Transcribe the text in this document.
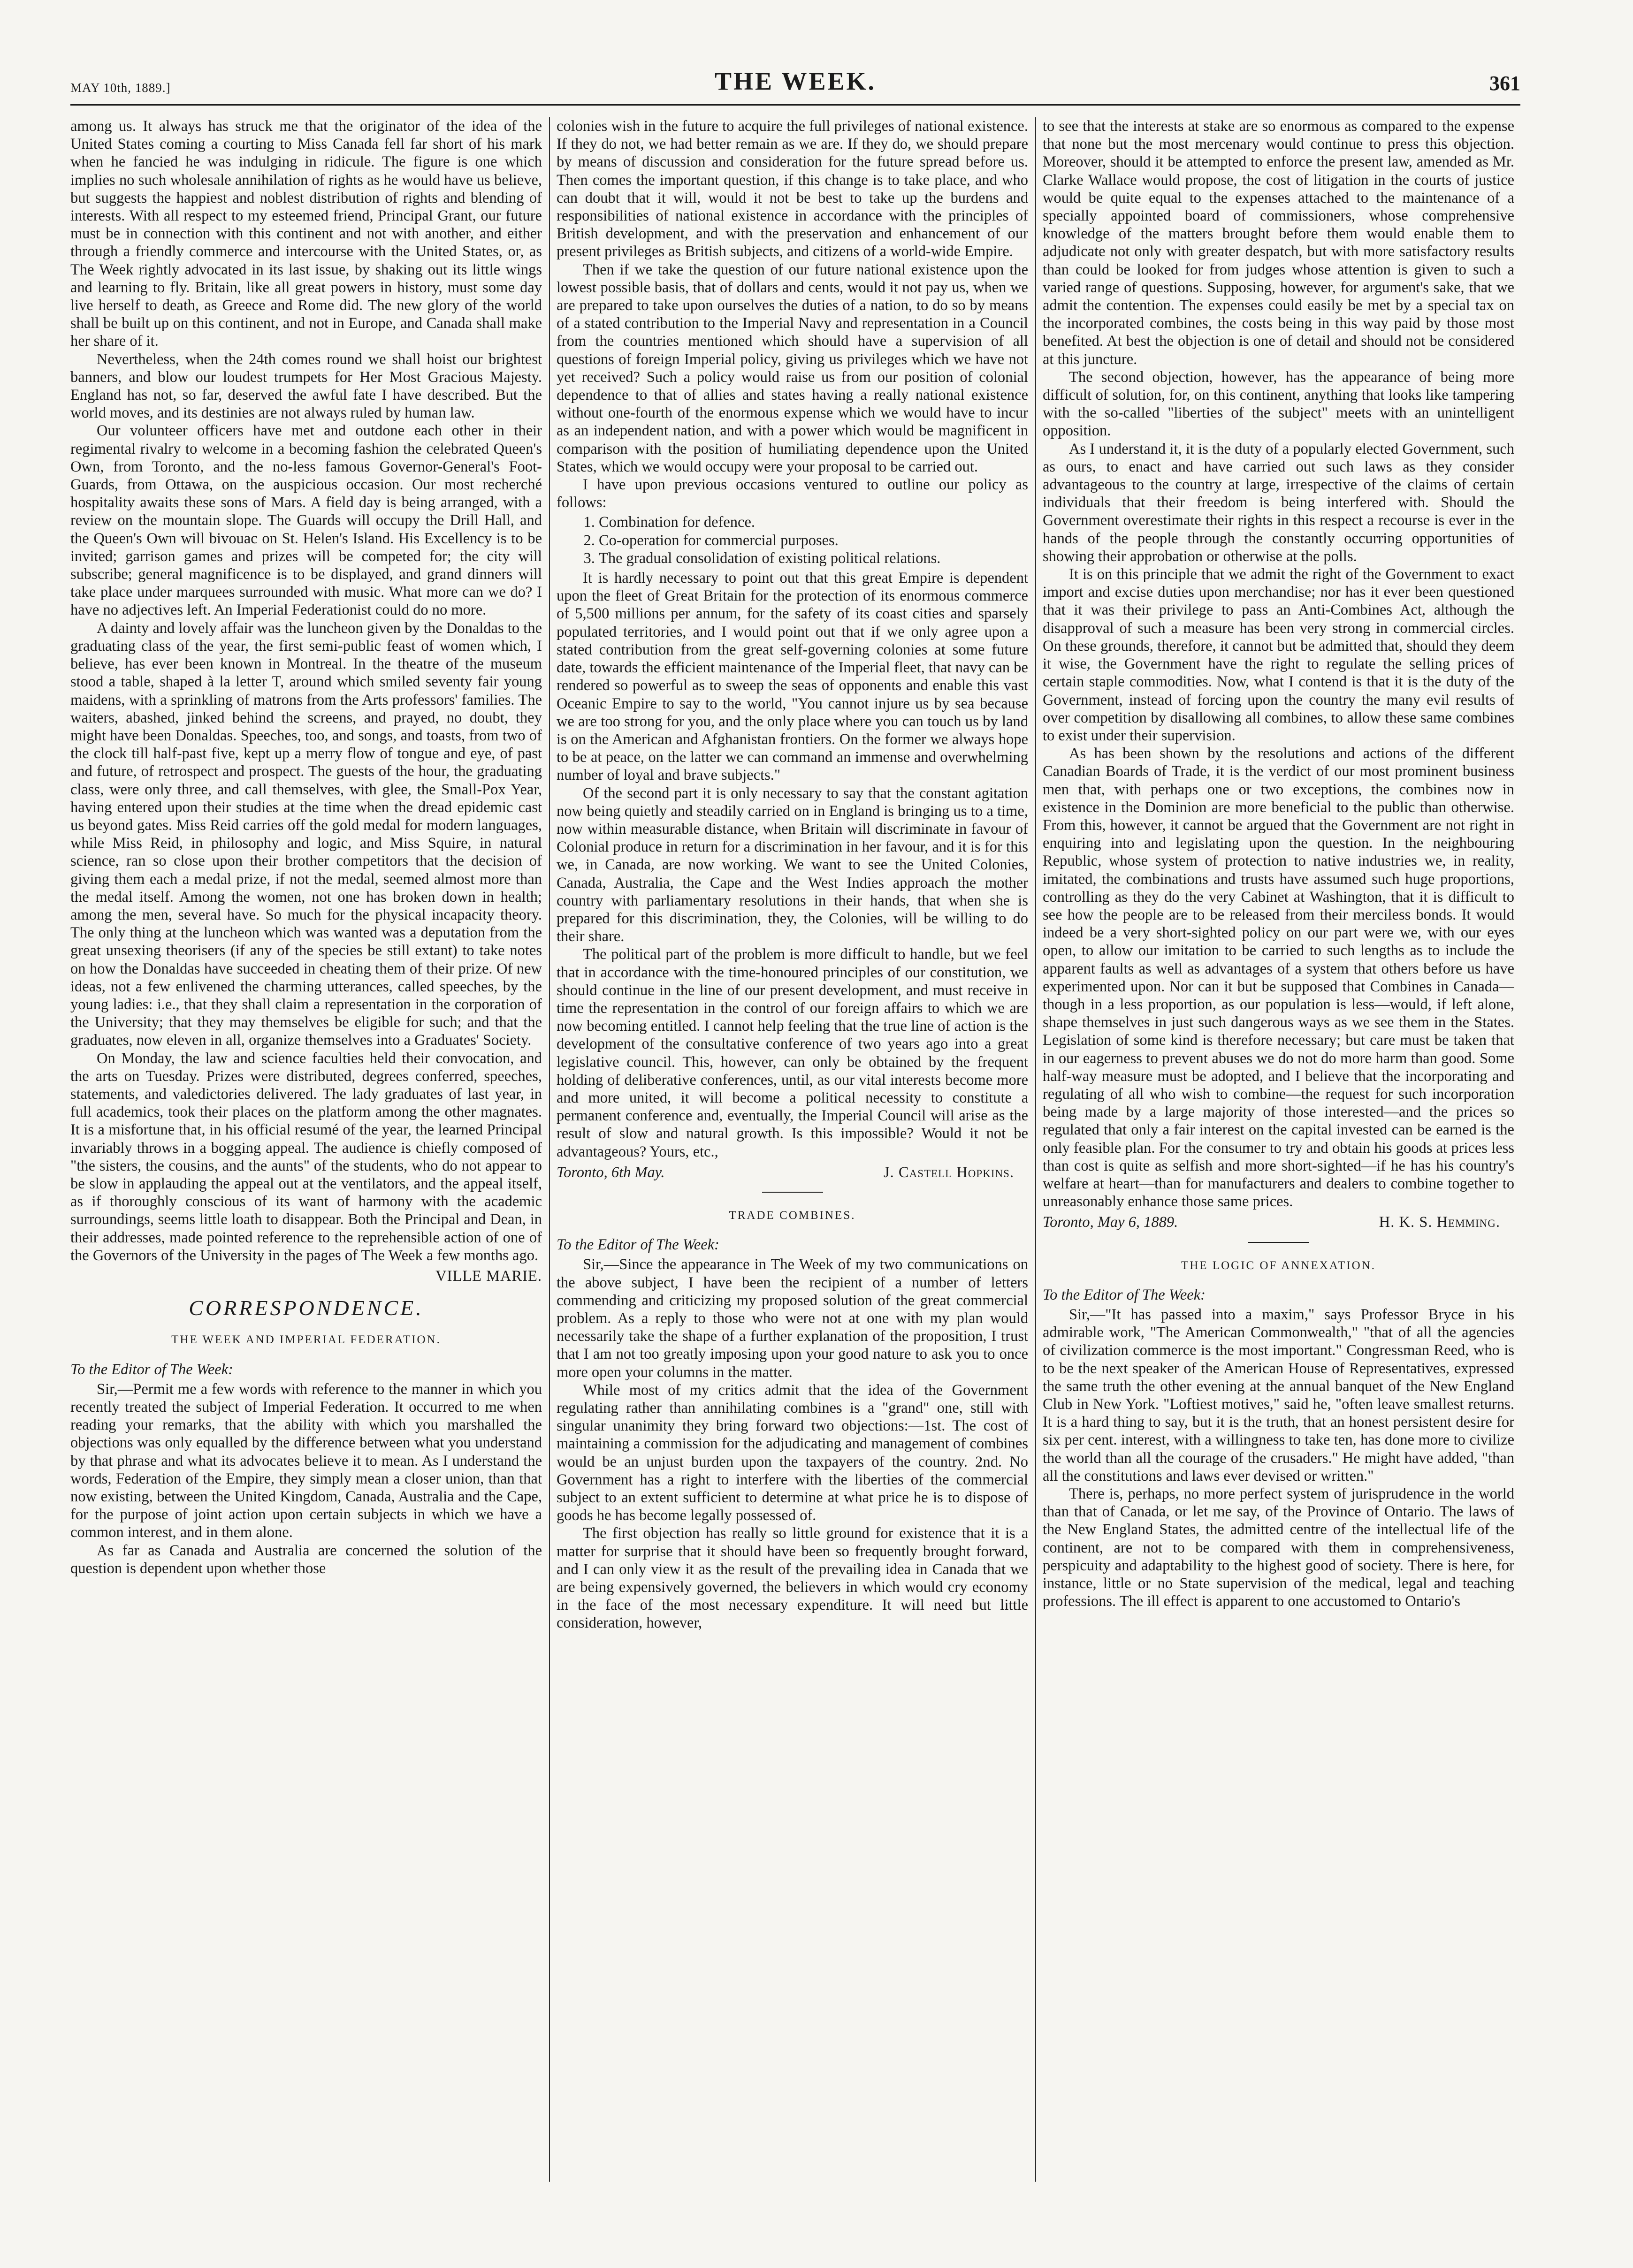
MAY 10th, 1889.]	THE WEEK.	361

among us. It always has struck me that the originator of the idea of the United States coming a courting to Miss Canada fell far short of his mark when he fancied he was indulging in ridicule. The figure is one which implies no such wholesale annihilation of rights as he would have us believe, but suggests the happiest and noblest distribution of rights and blending of interests. With all respect to my esteemed friend, Principal Grant, our future must be in connection with this continent and not with another, and either through a friendly commerce and intercourse with the United States, or, as The Week rightly advocated in its last issue, by shaking out its little wings and learning to fly. Britain, like all great powers in history, must some day live herself to death, as Greece and Rome did. The new glory of the world shall be built up on this continent, and not in Europe, and Canada shall make her share of it.

Nevertheless, when the 24th comes round we shall hoist our brightest banners, and blow our loudest trumpets for Her Most Gracious Majesty. England has not, so far, deserved the awful fate I have described. But the world moves, and its destinies are not always ruled by human law.

Our volunteer officers have met and outdone each other in their regimental rivalry to welcome in a becoming fashion the celebrated Queen's Own, from Toronto, and the no-less famous Governor-General's Foot-Guards, from Ottawa, on the auspicious occasion. Our most recherché hospitality awaits these sons of Mars. A field day is being arranged, with a review on the mountain slope. The Guards will occupy the Drill Hall, and the Queen's Own will bivouac on St. Helen's Island. His Excellency is to be invited; garrison games and prizes will be competed for; the city will subscribe; general magnificence is to be displayed, and grand dinners will take place under marquees surrounded with music. What more can we do? I have no adjectives left. An Imperial Federationist could do no more.

A dainty and lovely affair was the luncheon given by the Donaldas to the graduating class of the year, the first semi-public feast of women which, I believe, has ever been known in Montreal. In the theatre of the museum stood a table, shaped à la letter T, around which smiled seventy fair young maidens, with a sprinkling of matrons from the Arts professors' families. The waiters, abashed, jinked behind the screens, and prayed, no doubt, they might have been Donaldas. Speeches, too, and songs, and toasts, from two of the clock till half-past five, kept up a merry flow of tongue and eye, of past and future, of retrospect and prospect. The guests of the hour, the graduating class, were only three, and call themselves, with glee, the Small-Pox Year, having entered upon their studies at the time when the dread epidemic cast us beyond gates. Miss Reid carries off the gold medal for modern languages, while Miss Reid, in philosophy and logic, and Miss Squire, in natural science, ran so close upon their brother competitors that the decision of giving them each a medal prize, if not the medal, seemed almost more than the medal itself. Among the women, not one has broken down in health; among the men, several have. So much for the physical incapacity theory. The only thing at the luncheon which was wanted was a deputation from the great unsexing theorisers (if any of the species be still extant) to take notes on how the Donaldas have succeeded in cheating them of their prize. Of new ideas, not a few enlivened the charming utterances, called speeches, by the young ladies: i.e., that they shall claim a representation in the corporation of the University; that they may themselves be eligible for such; and that the graduates, now eleven in all, organize themselves into a Graduates' Society.

On Monday, the law and science faculties held their convocation, and the arts on Tuesday. Prizes were distributed, degrees conferred, speeches, statements, and valedictories delivered. The lady graduates of last year, in full academics, took their places on the platform among the other magnates. It is a misfortune that, in his official resumé of the year, the learned Principal invariably throws in a bogging appeal. The audience is chiefly composed of "the sisters, the cousins, and the aunts" of the students, who do not appear to be slow in applauding the appeal out at the ventilators, and the appeal itself, as if thoroughly conscious of its want of harmony with the academic surroundings, seems little loath to disappear. Both the Principal and Dean, in their addresses, made pointed reference to the reprehensible action of one of the Governors of the University in the pages of The Week a few months ago.

VILLE MARIE.

CORRESPONDENCE.
THE WEEK AND IMPERIAL FEDERATION.

To the Editor of The Week:

Sir,—Permit me a few words with reference to the manner in which you recently treated the subject of Imperial Federation. It occurred to me when reading your remarks, that the ability with which you marshalled the objections was only equalled by the difference between what you understand by that phrase and what its advocates believe it to mean. As I understand the words, Federation of the Empire, they simply mean a closer union, than that now existing, between the United Kingdom, Canada, Australia and the Cape, for the purpose of joint action upon certain subjects in which we have a common interest, and in them alone.

As far as Canada and Australia are concerned the solution of the question is dependent upon whether those

colonies wish in the future to acquire the full privileges of national existence. If they do not, we had better remain as we are. If they do, we should prepare by means of discussion and consideration for the future spread before us. Then comes the important question, if this change is to take place, and who can doubt that it will, would it not be best to take up the burdens and responsibilities of national existence in accordance with the principles of British development, and with the preservation and enhancement of our present privileges as British subjects, and citizens of a world-wide Empire.

Then if we take the question of our future national existence upon the lowest possible basis, that of dollars and cents, would it not pay us, when we are prepared to take upon ourselves the duties of a nation, to do so by means of a stated contribution to the Imperial Navy and representation in a Council from the countries mentioned which should have a supervision of all questions of foreign Imperial policy, giving us privileges which we have not yet received? Such a policy would raise us from our position of colonial dependence to that of allies and states having a really national existence without one-fourth of the enormous expense which we would have to incur as an independent nation, and with a power which would be magnificent in comparison with the position of humiliating dependence upon the United States, which we would occupy were your proposal to be carried out.

I have upon previous occasions ventured to outline our policy as follows:

1. Combination for defence.
2. Co-operation for commercial purposes.
3. The gradual consolidation of existing political relations.

It is hardly necessary to point out that this great Empire is dependent upon the fleet of Great Britain for the protection of its enormous commerce of 5,500 millions per annum, for the safety of its coast cities and sparsely populated territories, and I would point out that if we only agree upon a stated contribution from the great self-governing colonies at some future date, towards the efficient maintenance of the Imperial fleet, that navy can be rendered so powerful as to sweep the seas of opponents and enable this vast Oceanic Empire to say to the world, "You cannot injure us by sea because we are too strong for you, and the only place where you can touch us by land is on the American and Afghanistan frontiers. On the former we always hope to be at peace, on the latter we can command an immense and overwhelming number of loyal and brave subjects."

Of the second part it is only necessary to say that the constant agitation now being quietly and steadily carried on in England is bringing us to a time, now within measurable distance, when Britain will discriminate in favour of Colonial produce in return for a discrimination in her favour, and it is for this we, in Canada, are now working. We want to see the United Colonies, Canada, Australia, the Cape and the West Indies approach the mother country with parliamentary resolutions in their hands, that when she is prepared for this discrimination, they, the Colonies, will be willing to do their share.

The political part of the problem is more difficult to handle, but we feel that in accordance with the time-honoured principles of our constitution, we should continue in the line of our present development, and must receive in time the representation in the control of our foreign affairs to which we are now becoming entitled. I cannot help feeling that the true line of action is the development of the consultative conference of two years ago into a great legislative council. This, however, can only be obtained by the frequent holding of deliberative conferences, until, as our vital interests become more and more united, it will become a political necessity to constitute a permanent conference and, eventually, the Imperial Council will arise as the result of slow and natural growth. Is this impossible? Would it not be advantageous? Yours, etc.,

Toronto, 6th May.	J. Castell Hopkins.
TRADE COMBINES.

To the Editor of The Week:

Sir,—Since the appearance in The Week of my two communications on the above subject, I have been the recipient of a number of letters commending and criticizing my proposed solution of the great commercial problem. As a reply to those who were not at one with my plan would necessarily take the shape of a further explanation of the proposition, I trust that I am not too greatly imposing upon your good nature to ask you to once more open your columns in the matter.

While most of my critics admit that the idea of the Government regulating rather than annihilating combines is a "grand" one, still with singular unanimity they bring forward two objections:—1st. The cost of maintaining a commission for the adjudicating and management of combines would be an unjust burden upon the taxpayers of the country. 2nd. No Government has a right to interfere with the liberties of the commercial subject to an extent sufficient to determine at what price he is to dispose of goods he has become legally possessed of.

The first objection has really so little ground for existence that it is a matter for surprise that it should have been so frequently brought forward, and I can only view it as the result of the prevailing idea in Canada that we are being expensively governed, the believers in which would cry economy in the face of the most necessary expenditure. It will need but little consideration, however,

to see that the interests at stake are so enormous as compared to the expense that none but the most mercenary would continue to press this objection. Moreover, should it be attempted to enforce the present law, amended as Mr. Clarke Wallace would propose, the cost of litigation in the courts of justice would be quite equal to the expenses attached to the maintenance of a specially appointed board of commissioners, whose comprehensive knowledge of the matters brought before them would enable them to adjudicate not only with greater despatch, but with more satisfactory results than could be looked for from judges whose attention is given to such a varied range of questions. Supposing, however, for argument's sake, that we admit the contention. The expenses could easily be met by a special tax on the incorporated combines, the costs being in this way paid by those most benefited. At best the objection is one of detail and should not be considered at this juncture.

The second objection, however, has the appearance of being more difficult of solution, for, on this continent, anything that looks like tampering with the so-called "liberties of the subject" meets with an unintelligent opposition.

As I understand it, it is the duty of a popularly elected Government, such as ours, to enact and have carried out such laws as they consider advantageous to the country at large, irrespective of the claims of certain individuals that their freedom is being interfered with. Should the Government overestimate their rights in this respect a recourse is ever in the hands of the people through the constantly occurring opportunities of showing their approbation or otherwise at the polls.

It is on this principle that we admit the right of the Government to exact import and excise duties upon merchandise; nor has it ever been questioned that it was their privilege to pass an Anti-Combines Act, although the disapproval of such a measure has been very strong in commercial circles. On these grounds, therefore, it cannot but be admitted that, should they deem it wise, the Government have the right to regulate the selling prices of certain staple commodities. Now, what I contend is that it is the duty of the Government, instead of forcing upon the country the many evil results of over competition by disallowing all combines, to allow these same combines to exist under their supervision.

As has been shown by the resolutions and actions of the different Canadian Boards of Trade, it is the verdict of our most prominent business men that, with perhaps one or two exceptions, the combines now in existence in the Dominion are more beneficial to the public than otherwise. From this, however, it cannot be argued that the Government are not right in enquiring into and legislating upon the question. In the neighbouring Republic, whose system of protection to native industries we, in reality, imitated, the combinations and trusts have assumed such huge proportions, controlling as they do the very Cabinet at Washington, that it is difficult to see how the people are to be released from their merciless bonds. It would indeed be a very short-sighted policy on our part were we, with our eyes open, to allow our imitation to be carried to such lengths as to include the apparent faults as well as advantages of a system that others before us have experimented upon. Nor can it but be supposed that Combines in Canada—though in a less proportion, as our population is less—would, if left alone, shape themselves in just such dangerous ways as we see them in the States. Legislation of some kind is therefore necessary; but care must be taken that in our eagerness to prevent abuses we do not do more harm than good. Some half-way measure must be adopted, and I believe that the incorporating and regulating of all who wish to combine—the request for such incorporation being made by a large majority of those interested—and the prices so regulated that only a fair interest on the capital invested can be earned is the only feasible plan. For the consumer to try and obtain his goods at prices less than cost is quite as selfish and more short-sighted—if he has his country's welfare at heart—than for manufacturers and dealers to combine together to unreasonably enhance those same prices.

Toronto, May 6, 1889.	H. K. S. Hemming.
THE LOGIC OF ANNEXATION.

To the Editor of The Week:

Sir,—"It has passed into a maxim," says Professor Bryce in his admirable work, "The American Commonwealth," "that of all the agencies of civilization commerce is the most important." Congressman Reed, who is to be the next speaker of the American House of Representatives, expressed the same truth the other evening at the annual banquet of the New England Club in New York. "Loftiest motives," said he, "often leave smallest returns. It is a hard thing to say, but it is the truth, that an honest persistent desire for six per cent. interest, with a willingness to take ten, has done more to civilize the world than all the courage of the crusaders." He might have added, "than all the constitutions and laws ever devised or written."

There is, perhaps, no more perfect system of jurisprudence in the world than that of Canada, or let me say, of the Province of Ontario. The laws of the New England States, the admitted centre of the intellectual life of the continent, are not to be compared with them in comprehensiveness, perspicuity and adaptability to the highest good of society. There is here, for instance, little or no State supervision of the medical, legal and teaching professions. The ill effect is apparent to one accustomed to Ontario's
